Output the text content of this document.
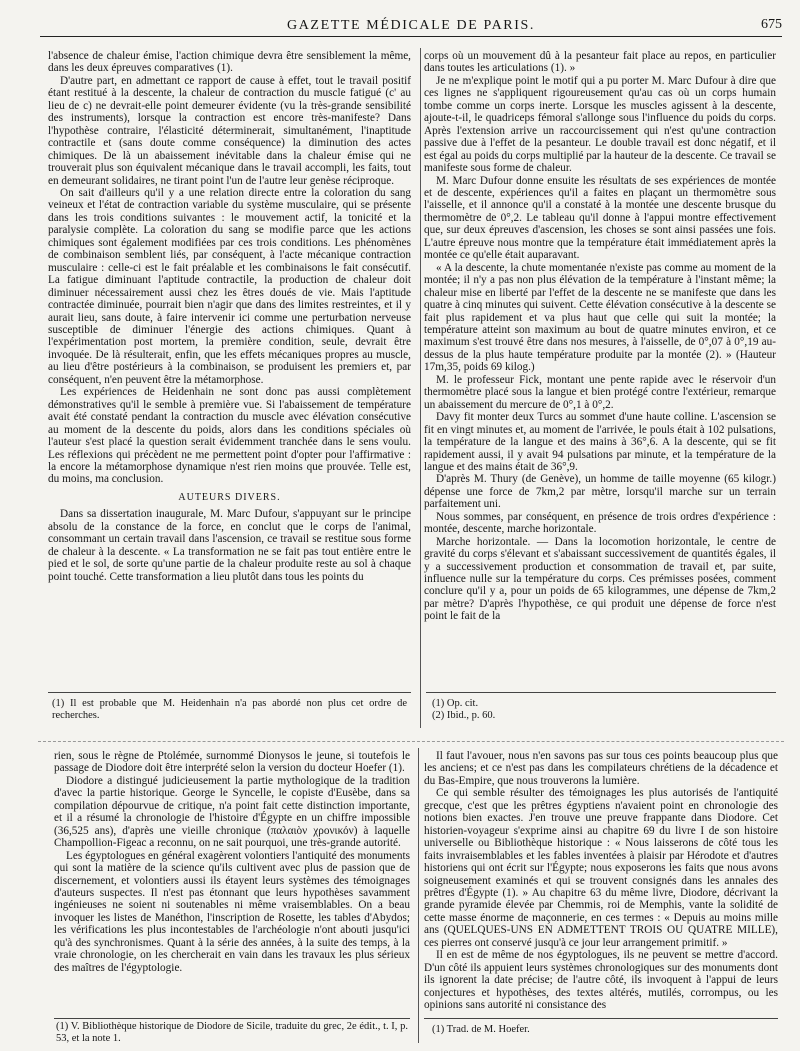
GAZETTE MÉDICALE DE PARIS.	675

l'absence de chaleur émise, l'action chimique devra être sensiblement la même, dans les deux épreuves comparatives (1).

D'autre part, en admettant ce rapport de cause à effet, tout le travail positif étant restitué à la descente, la chaleur de contraction du muscle fatigué (c' au lieu de c) ne devrait-elle point demeurer évidente (vu la très-grande sensibilité des instruments), lorsque la contraction est encore très-manifeste? Dans l'hypothèse contraire, l'élasticité déterminerait, simultanément, l'inaptitude contractile et (sans doute comme conséquence) la diminution des actes chimiques. De là un abaissement inévitable dans la chaleur émise qui ne trouverait plus son équivalent mécanique dans le travail accompli, les faits, tout en demeurant solidaires, ne tirant point l'un de l'autre leur genèse réciproque.

On sait d'ailleurs qu'il y a une relation directe entre la coloration du sang veineux et l'état de contraction variable du système musculaire, qui se présente dans les trois conditions suivantes : le mouvement actif, la tonicité et la paralysie complète. La coloration du sang se modifie parce que les actions chimiques sont également modifiées par ces trois conditions. Les phénomènes de combinaison semblent liés, par conséquent, à l'acte mécanique contraction musculaire : celle-ci est le fait préalable et les combinaisons le fait consécutif. La fatigue diminuant l'aptitude contractile, la production de chaleur doit diminuer nécessairement aussi chez les êtres doués de vie. Mais l'aptitude contractée diminuée, pourrait bien n'agir que dans des limites restreintes, et il y aurait lieu, sans doute, à faire intervenir ici comme une perturbation nerveuse susceptible de diminuer l'énergie des actions chimiques. Quant à l'expérimentation post mortem, la première condition, seule, devrait être invoquée. De là résulterait, enfin, que les effets mécaniques propres au muscle, au lieu d'être postérieurs à la combinaison, se produisent les premiers et, par conséquent, n'en peuvent être la métamorphose.

Les expériences de Heidenhain ne sont donc pas aussi complètement démonstratives qu'il le semble à première vue. Si l'abaissement de température avait été constaté pendant la contraction du muscle avec élévation consécutive au moment de la descente du poids, alors dans les conditions spéciales où l'auteur s'est placé la question serait évidemment tranchée dans le sens voulu. Les réflexions qui précèdent ne me permettent point d'opter pour l'affirmative : la encore la métamorphose dynamique n'est rien moins que prouvée. Telle est, du moins, ma conclusion.

AUTEURS DIVERS.

Dans sa dissertation inaugurale, M. Marc Dufour, s'appuyant sur le principe absolu de la constance de la force, en conclut que le corps de l'animal, consommant un certain travail dans l'ascension, ce travail se restitue sous forme de chaleur à la descente. « La transformation ne se fait pas tout entière entre le pied et le sol, de sorte qu'une partie de la chaleur produite reste au sol à chaque point touché. Cette transformation a lieu plutôt dans tous les points du

corps où un mouvement dû à la pesanteur fait place au repos, en particulier dans toutes les articulations (1). »

Je ne m'explique point le motif qui a pu porter M. Marc Dufour à dire que ces lignes ne s'appliquent rigoureusement qu'au cas où un corps humain tombe comme un corps inerte. Lorsque les muscles agissent à la descente, ajoute-t-il, le quadriceps fémoral s'allonge sous l'influence du poids du corps. Après l'extension arrive un raccourcissement qui n'est qu'une contraction passive due à l'effet de la pesanteur. Le double travail est donc négatif, et il est égal au poids du corps multiplié par la hauteur de la descente. Ce travail se manifeste sous forme de chaleur.

M. Marc Dufour donne ensuite les résultats de ses expériences de montée et de descente, expériences qu'il a faites en plaçant un thermomètre sous l'aisselle, et il annonce qu'il a constaté à la montée une descente brusque du thermomètre de 0°,2. Le tableau qu'il donne à l'appui montre effectivement que, sur deux épreuves d'ascension, les choses se sont ainsi passées une fois. L'autre épreuve nous montre que la température était immédiatement après la montée ce qu'elle était auparavant.

« A la descente, la chute momentanée n'existe pas comme au moment de la montée; il n'y a pas non plus élévation de la température à l'instant même; la chaleur mise en liberté par l'effet de la descente ne se manifeste que dans les quatre à cinq minutes qui suivent. Cette élévation consécutive à la descente se fait plus rapidement et va plus haut que celle qui suit la montée; la température atteint son maximum au bout de quatre minutes environ, et ce maximum s'est trouvé être dans nos mesures, à l'aisselle, de 0°,07 à 0°,19 au-dessus de la plus haute température produite par la montée (2). » (Hauteur 17m,35, poids 69 kilog.)

M. le professeur Fick, montant une pente rapide avec le réservoir d'un thermomètre placé sous la langue et bien protégé contre l'extérieur, remarque un abaissement du mercure de 0°,1 à 0°,2.

Davy fit monter deux Turcs au sommet d'une haute colline. L'ascension se fit en vingt minutes et, au moment de l'arrivée, le pouls était à 102 pulsations, la température de la langue et des mains à 36°,6. A la descente, qui se fit rapidement aussi, il y avait 94 pulsations par minute, et la température de la langue et des mains était de 36°,9.

D'après M. Thury (de Genève), un homme de taille moyenne (65 kilogr.) dépense une force de 7km,2 par mètre, lorsqu'il marche sur un terrain parfaitement uni.

Nous sommes, par conséquent, en présence de trois ordres d'expérience : montée, descente, marche horizontale.

Marche horizontale. — Dans la locomotion horizontale, le centre de gravité du corps s'élevant et s'abaissant successivement de quantités égales, il y a successivement production et consommation de travail et, par suite, influence nulle sur la température du corps. Ces prémisses posées, comment conclure qu'il y a, pour un poids de 65 kilogrammes, une dépense de 7km,2 par mètre? D'après l'hypothèse, ce qui produit une dépense de force n'est point le fait de la

(1) Il est probable que M. Heidenhain n'a pas abordé non plus cet ordre de recherches.

(1) Op. cit.

(2) Ibid., p. 60.

rien, sous le règne de Ptolémée, surnommé Dionysos le jeune, si toutefois le passage de Diodore doit être interprété selon la version du docteur Hoefer (1).

Diodore a distingué judicieusement la partie mythologique de la tradition d'avec la partie historique. George le Syncelle, le copiste d'Eusèbe, dans sa compilation dépourvue de critique, n'a point fait cette distinction importante, et il a résumé la chronologie de l'histoire d'Égypte en un chiffre impossible (36,525 ans), d'après une vieille chronique (παλαιὸν χρονικόν) à laquelle Champollion-Figeac a reconnu, on ne sait pourquoi, une très-grande autorité.

Les égyptologues en général exagèrent volontiers l'antiquité des monuments qui sont la matière de la science qu'ils cultivent avec plus de passion que de discernement, et volontiers aussi ils étayent leurs systèmes des témoignages d'auteurs suspectes. Il n'est pas étonnant que leurs hypothèses savamment ingénieuses ne soient ni soutenables ni même vraisemblables. On a beau invoquer les listes de Manéthon, l'inscription de Rosette, les tables d'Abydos; les vérifications les plus incontestables de l'archéologie n'ont abouti jusqu'ici qu'à des synchronismes. Quant à la série des années, à la suite des temps, à la vraie chronologie, on les chercherait en vain dans les travaux les plus sérieux des maîtres de l'égyptologie.

Il faut l'avouer, nous n'en savons pas sur tous ces points beaucoup plus que les anciens; et ce n'est pas dans les compilateurs chrétiens de la décadence et du Bas-Empire, que nous trouverons la lumière.

Ce qui semble résulter des témoignages les plus autorisés de l'antiquité grecque, c'est que les prêtres égyptiens n'avaient point en chronologie des notions bien exactes. J'en trouve une preuve frappante dans Diodore. Cet historien-voyageur s'exprime ainsi au chapitre 69 du livre I de son histoire universelle ou Bibliothèque historique : « Nous laisserons de côté tous les faits invraisemblables et les fables inventées à plaisir par Hérodote et d'autres historiens qui ont écrit sur l'Égypte; nous exposerons les faits que nous avons soigneusement examinés et qui se trouvent consignés dans les annales des prêtres d'Égypte (1). » Au chapitre 63 du même livre, Diodore, décrivant la grande pyramide élevée par Chemmis, roi de Memphis, vante la solidité de cette masse énorme de maçonnerie, en ces termes : « Depuis au moins mille ans (QUELQUES-UNS EN ADMETTENT TROIS OU QUATRE MILLE), ces pierres ont conservé jusqu'à ce jour leur arrangement primitif. »

Il en est de même de nos égyptologues, ils ne peuvent se mettre d'accord. D'un côté ils appuient leurs systèmes chronologiques sur des monuments dont ils ignorent la date précise; de l'autre côté, ils invoquent à l'appui de leurs conjectures et hypothèses, des textes altérés, mutilés, corrompus, ou les opinions sans autorité ni consistance des

(1) V. Bibliothèque historique de Diodore de Sicile, traduite du grec, 2e édit., t. I, p. 53, et la note 1.

(1) Trad. de M. Hoefer.
